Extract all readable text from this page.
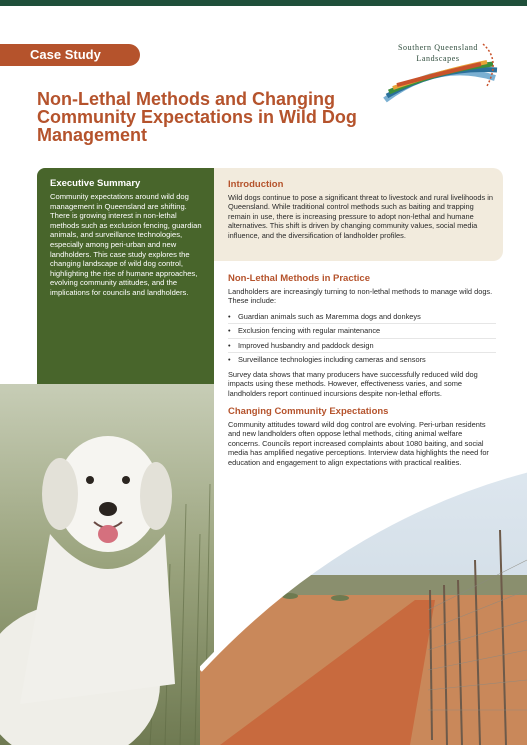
Case Study	Southern Queensland
Landscapes
Non-Lethal Methods and Changing Community Expectations in Wild Dog Management
Executive Summary
Community expectations around wild dog management in Queensland are shifting. There is growing interest in non-lethal methods such as exclusion fencing, guardian animals, and surveillance technologies, especially among peri-urban and new landholders. This case study explores the changing landscape of wild dog control, highlighting the rise of humane approaches, evolving community attitudes, and the implications for councils and landholders.
Introduction
Wild dogs continue to pose a significant threat to livestock and rural livelihoods in Queensland. While traditional control methods such as baiting and trapping remain in use, there is increasing pressure to adopt non-lethal and humane alternatives. This shift is driven by changing community values, social media influence, and the diversification of landholder profiles.
Non-Lethal Methods in Practice
Landholders are increasingly turning to non-lethal methods to manage wild dogs. These include:
• Guardian animals such as Maremma dogs and donkeys
• Exclusion fencing with regular maintenance
• Improved husbandry and paddock design
• Surveillance technologies including cameras and sensors
Survey data shows that many producers have successfully reduced wild dog impacts using these methods. However, effectiveness varies, and some landholders report continued incursions despite non-lethal efforts.
Changing Community Expectations
Community attitudes toward wild dog control are evolving. Peri-urban residents and new landholders often oppose lethal methods, citing animal welfare concerns. Councils report increased complaints about 1080 baiting, and social media has amplified negative perceptions. Interview data highlights the need for education and engagement to align expectations with practical realities.
